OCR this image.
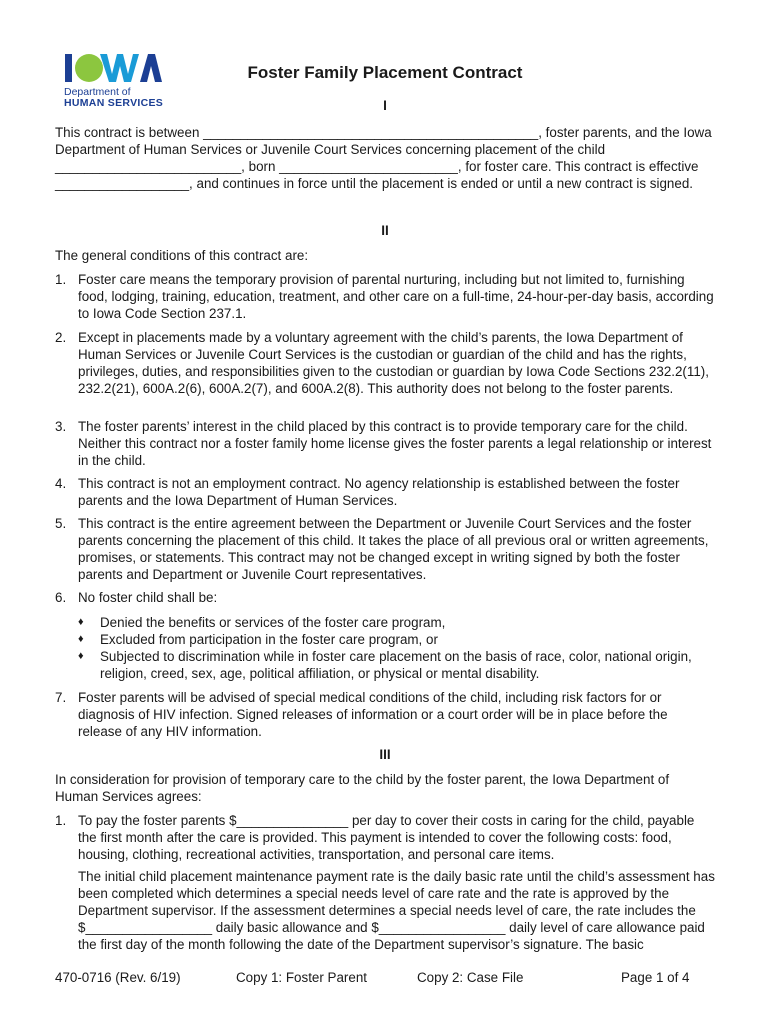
Department of
HUMAN SERVICES
Foster Family Placement Contract
I

This contract is between _____________________________________________, foster parents, and the Iowa Department of Human Services or Juvenile Court Services concerning placement of the child _________________________, born ________________________, for foster care. This contract is effective __________________, and continues in force until the placement is ended or until a new contract is signed.

II

The general conditions of this contract are:

1. Foster care means the temporary provision of parental nurturing, including but not limited to, furnishing food, lodging, training, education, treatment, and other care on a full-time, 24-hour-per-day basis, according to Iowa Code Section 237.1.
2. Except in placements made by a voluntary agreement with the child’s parents, the Iowa Department of Human Services or Juvenile Court Services is the custodian or guardian of the child and has the rights, privileges, duties, and responsibilities given to the custodian or guardian by Iowa Code Sections 232.2(11), 232.2(21), 600A.2(6), 600A.2(7), and 600A.2(8). This authority does not belong to the foster parents.
3. The foster parents’ interest in the child placed by this contract is to provide temporary care for the child. Neither this contract nor a foster family home license gives the foster parents a legal relationship or interest in the child.
4. This contract is not an employment contract. No agency relationship is established between the foster parents and the Iowa Department of Human Services.
5. This contract is the entire agreement between the Department or Juvenile Court Services and the foster parents concerning the placement of this child. It takes the place of all previous oral or written agreements, promises, or statements. This contract may not be changed except in writing signed by both the foster parents and Department or Juvenile Court representatives.
6. No foster child shall be:
♦ Denied the benefits or services of the foster care program,
♦ Excluded from participation in the foster care program, or
♦ Subjected to discrimination while in foster care placement on the basis of race, color, national origin, religion, creed, sex, age, political affiliation, or physical or mental disability.
7. Foster parents will be advised of special medical conditions of the child, including risk factors for or diagnosis of HIV infection. Signed releases of information or a court order will be in place before the release of any HIV information.
III

In consideration for provision of temporary care to the child by the foster parent, the Iowa Department of Human Services agrees:

1. To pay the foster parents $_______________ per day to cover their costs in caring for the child, payable the first month after the care is provided. This payment is intended to cover the following costs: food, housing, clothing, recreational activities, transportation, and personal care items.
The initial child placement maintenance payment rate is the daily basic rate until the child’s assessment has been completed which determines a special needs level of care rate and the rate is approved by the Department supervisor. If the assessment determines a special needs level of care, the rate includes the $_________________ daily basic allowance and $_________________ daily level of care allowance paid the first day of the month following the date of the Department supervisor’s signature. The basic
470-0716 (Rev. 6/19)	Copy 1: Foster Parent	Copy 2: Case File	Page 1 of 4
